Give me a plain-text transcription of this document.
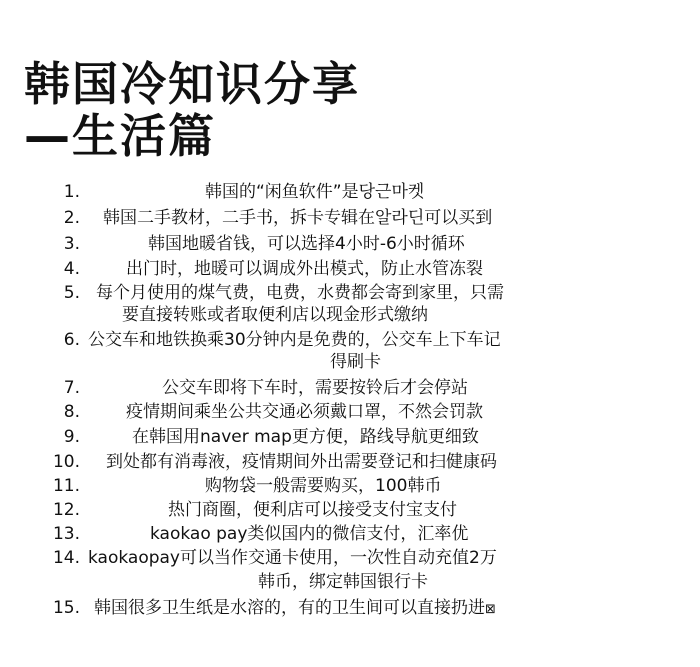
韩国冷知识分享
—生活篇
1.	韩国的“闲鱼软件”是당근마켓
2. 韩国二手教材，二手书，拆卡专辑在알라딘可以买到
3.	韩国地暖省钱，可以选择4小时-6小时循环
4.	出门时，地暖可以调成外出模式，防止水管冻裂
5. 每个月使用的煤气费，电费，水费都会寄到家里，只需
要直接转账或者取便利店以现金形式缴纳
6. 公交车和地铁换乘30分钟内是免费的，公交车上下车记
得刷卡
7.	公交车即将下车时，需要按铃后才会停站
8.	疫情期间乘坐公共交通必须戴口罩，不然会罚款
9.	在韩国用naver map更方便，路线导航更细致
10. 到处都有消毒液，疫情期间外出需要登记和扫健康码
11.	购物袋一般需要购买，100韩币
12.	热门商圈，便利店可以接受支付宝支付
13.	kaokao pay类似国内的微信支付，汇率优
14. kaokaopay可以当作交通卡使用，一次性自动充值2万
韩币，绑定韩国银行卡
15. 韩国很多卫生纸是水溶的，有的卫生间可以直接扔进⊠
